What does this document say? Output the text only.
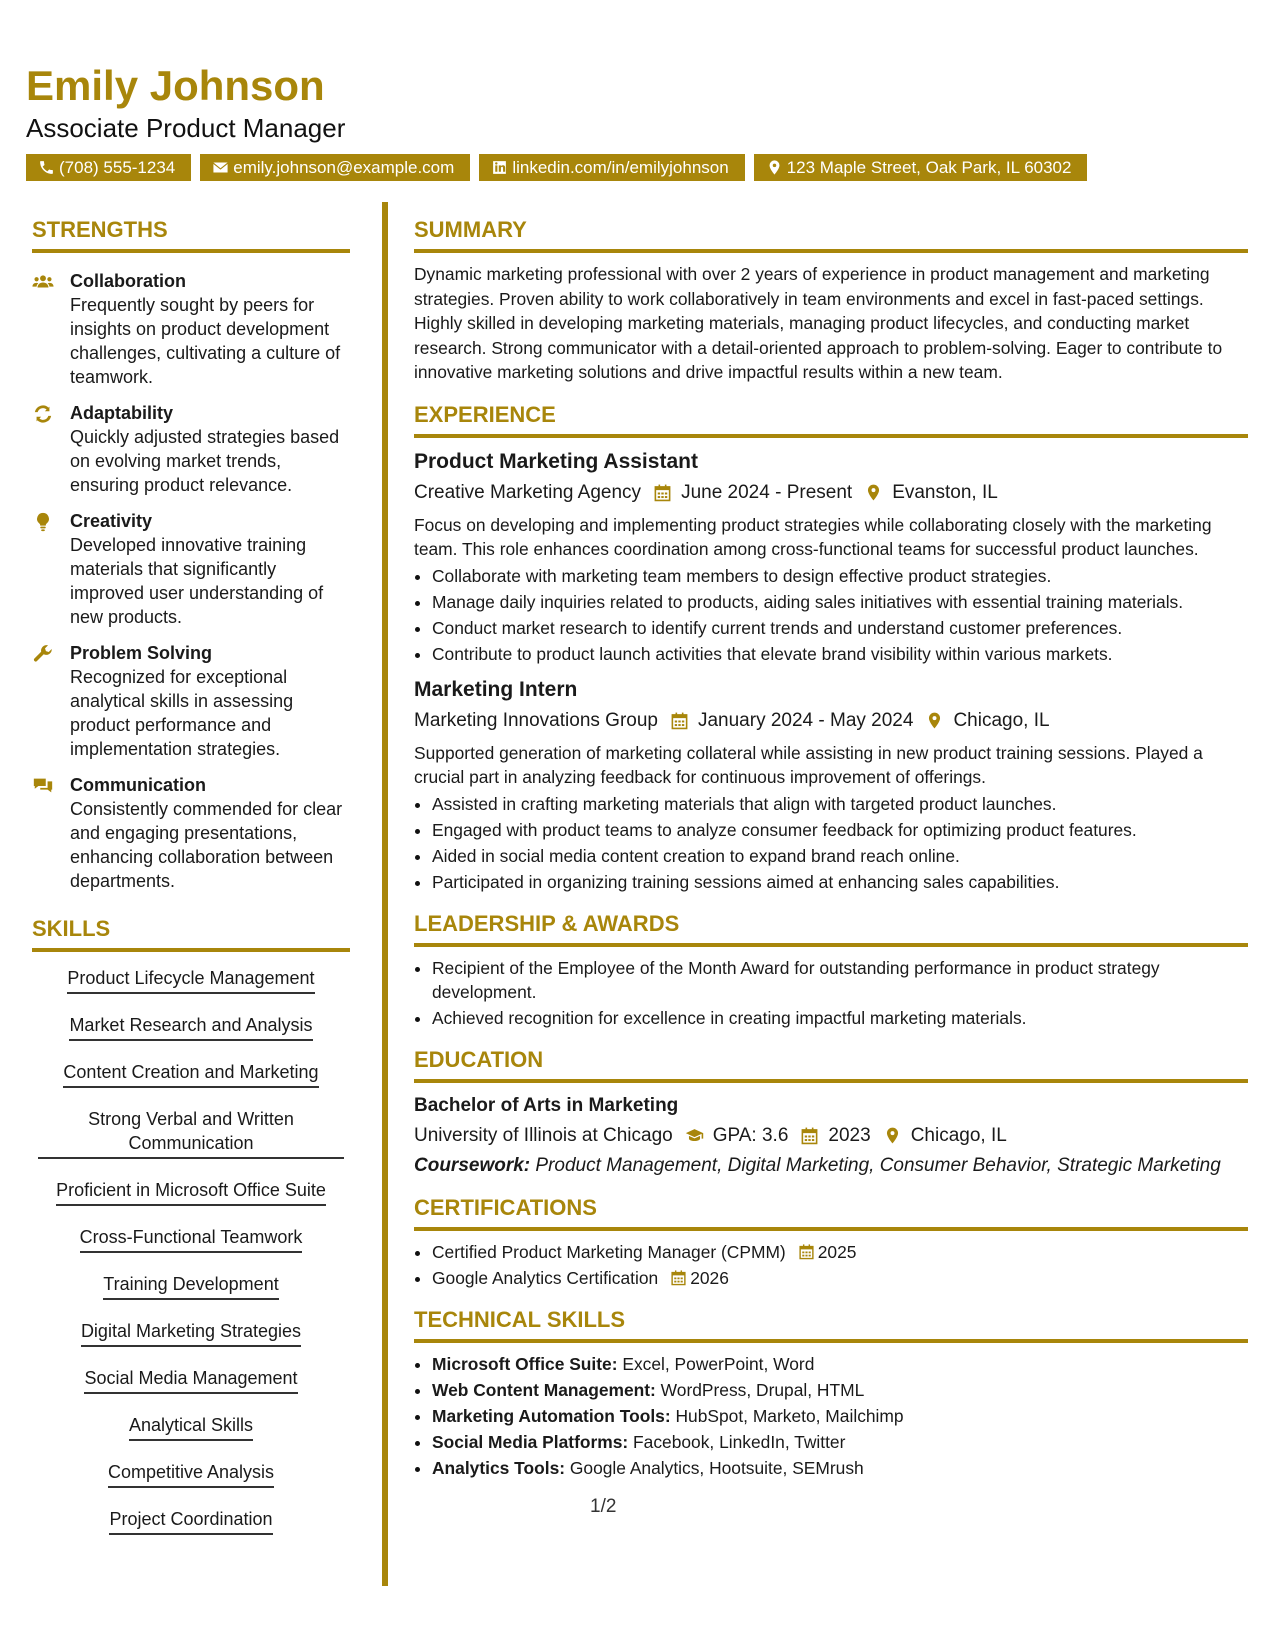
Emily Johnson
Associate Product Manager
(708) 555-1234	emily.johnson@example.com	linkedin.com/in/emilyjohnson	123 Maple Street, Oak Park, IL 60302
STRENGTHS
Collaboration
Frequently sought by peers for insights on product development challenges, cultivating a culture of teamwork.
Adaptability
Quickly adjusted strategies based on evolving market trends, ensuring product relevance.
Creativity
Developed innovative training materials that significantly improved user understanding of new products.
Problem Solving
Recognized for exceptional analytical skills in assessing product performance and implementation strategies.
Communication
Consistently commended for clear and engaging presentations, enhancing collaboration between departments.
SKILLS
Product Lifecycle Management
Market Research and Analysis
Content Creation and Marketing
Strong Verbal and Written Communication
Proficient in Microsoft Office Suite
Cross-Functional Teamwork
Training Development
Digital Marketing Strategies
Social Media Management
Analytical Skills
Competitive Analysis
Project Coordination
SUMMARY
Dynamic marketing professional with over 2 years of experience in product management and marketing strategies. Proven ability to work collaboratively in team environments and excel in fast-paced settings. Highly skilled in developing marketing materials, managing product lifecycles, and conducting market research. Strong communicator with a detail-oriented approach to problem-solving. Eager to contribute to innovative marketing solutions and drive impactful results within a new team.
EXPERIENCE
Product Marketing Assistant
Creative Marketing Agency June 2024 - Present Evanston, IL
Focus on developing and implementing product strategies while collaborating closely with the marketing team. This role enhances coordination among cross-functional teams for successful product launches.
• Collaborate with marketing team members to design effective product strategies.
• Manage daily inquiries related to products, aiding sales initiatives with essential training materials.
• Conduct market research to identify current trends and understand customer preferences.
• Contribute to product launch activities that elevate brand visibility within various markets.
Marketing Intern
Marketing Innovations Group January 2024 - May 2024 Chicago, IL
Supported generation of marketing collateral while assisting in new product training sessions. Played a crucial part in analyzing feedback for continuous improvement of offerings.
• Assisted in crafting marketing materials that align with targeted product launches.
• Engaged with product teams to analyze consumer feedback for optimizing product features.
• Aided in social media content creation to expand brand reach online.
• Participated in organizing training sessions aimed at enhancing sales capabilities.
LEADERSHIP & AWARDS
• Recipient of the Employee of the Month Award for outstanding performance in product strategy development.
• Achieved recognition for excellence in creating impactful marketing materials.
EDUCATION
Bachelor of Arts in Marketing
University of Illinois at Chicago GPA: 3.6 2023 Chicago, IL
Coursework: Product Management, Digital Marketing, Consumer Behavior, Strategic Marketing
CERTIFICATIONS
• Certified Product Marketing Manager (CPMM) 2025
• Google Analytics Certification 2026
TECHNICAL SKILLS
• Microsoft Office Suite: Excel, PowerPoint, Word
• Web Content Management: WordPress, Drupal, HTML
• Marketing Automation Tools: HubSpot, Marketo, Mailchimp
• Social Media Platforms: Facebook, LinkedIn, Twitter
• Analytics Tools: Google Analytics, Hootsuite, SEMrush
1/2
